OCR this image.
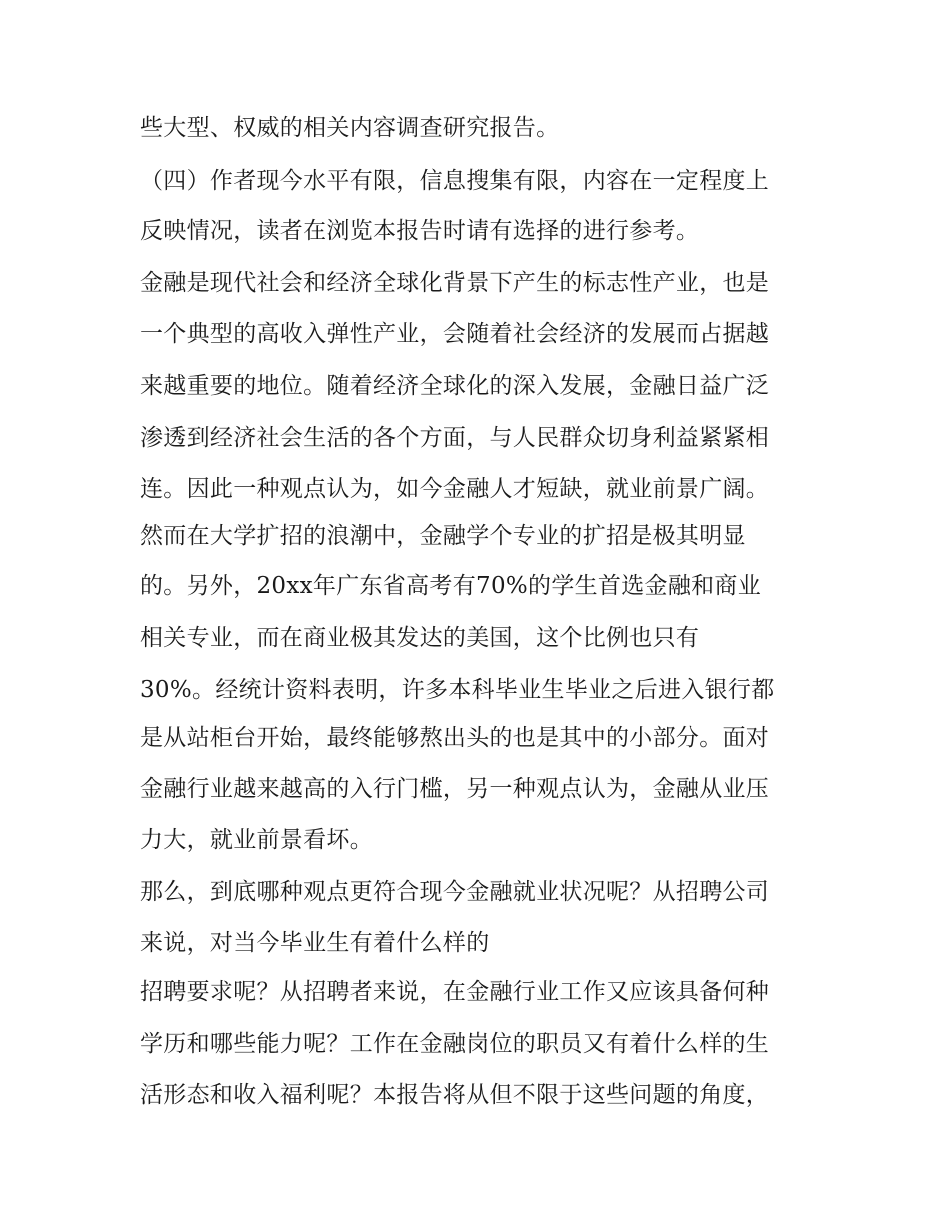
些大型、权威的相关内容调查研究报告。
（四）作者现今水平有限，信息搜集有限，内容在一定程度上
反映情况，读者在浏览本报告时请有选择的进行参考。
金融是现代社会和经济全球化背景下产生的标志性产业，也是
一个典型的高收入弹性产业，会随着社会经济的发展而占据越
来越重要的地位。随着经济全球化的深入发展，金融日益广泛
渗透到经济社会生活的各个方面，与人民群众切身利益紧紧相
连。因此一种观点认为，如今金融人才短缺，就业前景广阔。
然而在大学扩招的浪潮中，金融学个专业的扩招是极其明显
的。另外，20xx年广东省高考有70%的学生首选金融和商业
相关专业，而在商业极其发达的美国，这个比例也只有
30%。经统计资料表明，许多本科毕业生毕业之后进入银行都
是从站柜台开始，最终能够熬出头的也是其中的小部分。面对
金融行业越来越高的入行门槛，另一种观点认为，金融从业压
力大，就业前景看坏。
那么，到底哪种观点更符合现今金融就业状况呢？从招聘公司
来说，对当今毕业生有着什么样的
招聘要求呢？从招聘者来说，在金融行业工作又应该具备何种
学历和哪些能力呢？工作在金融岗位的职员又有着什么样的生
活形态和收入福利呢？本报告将从但不限于这些问题的角度，
